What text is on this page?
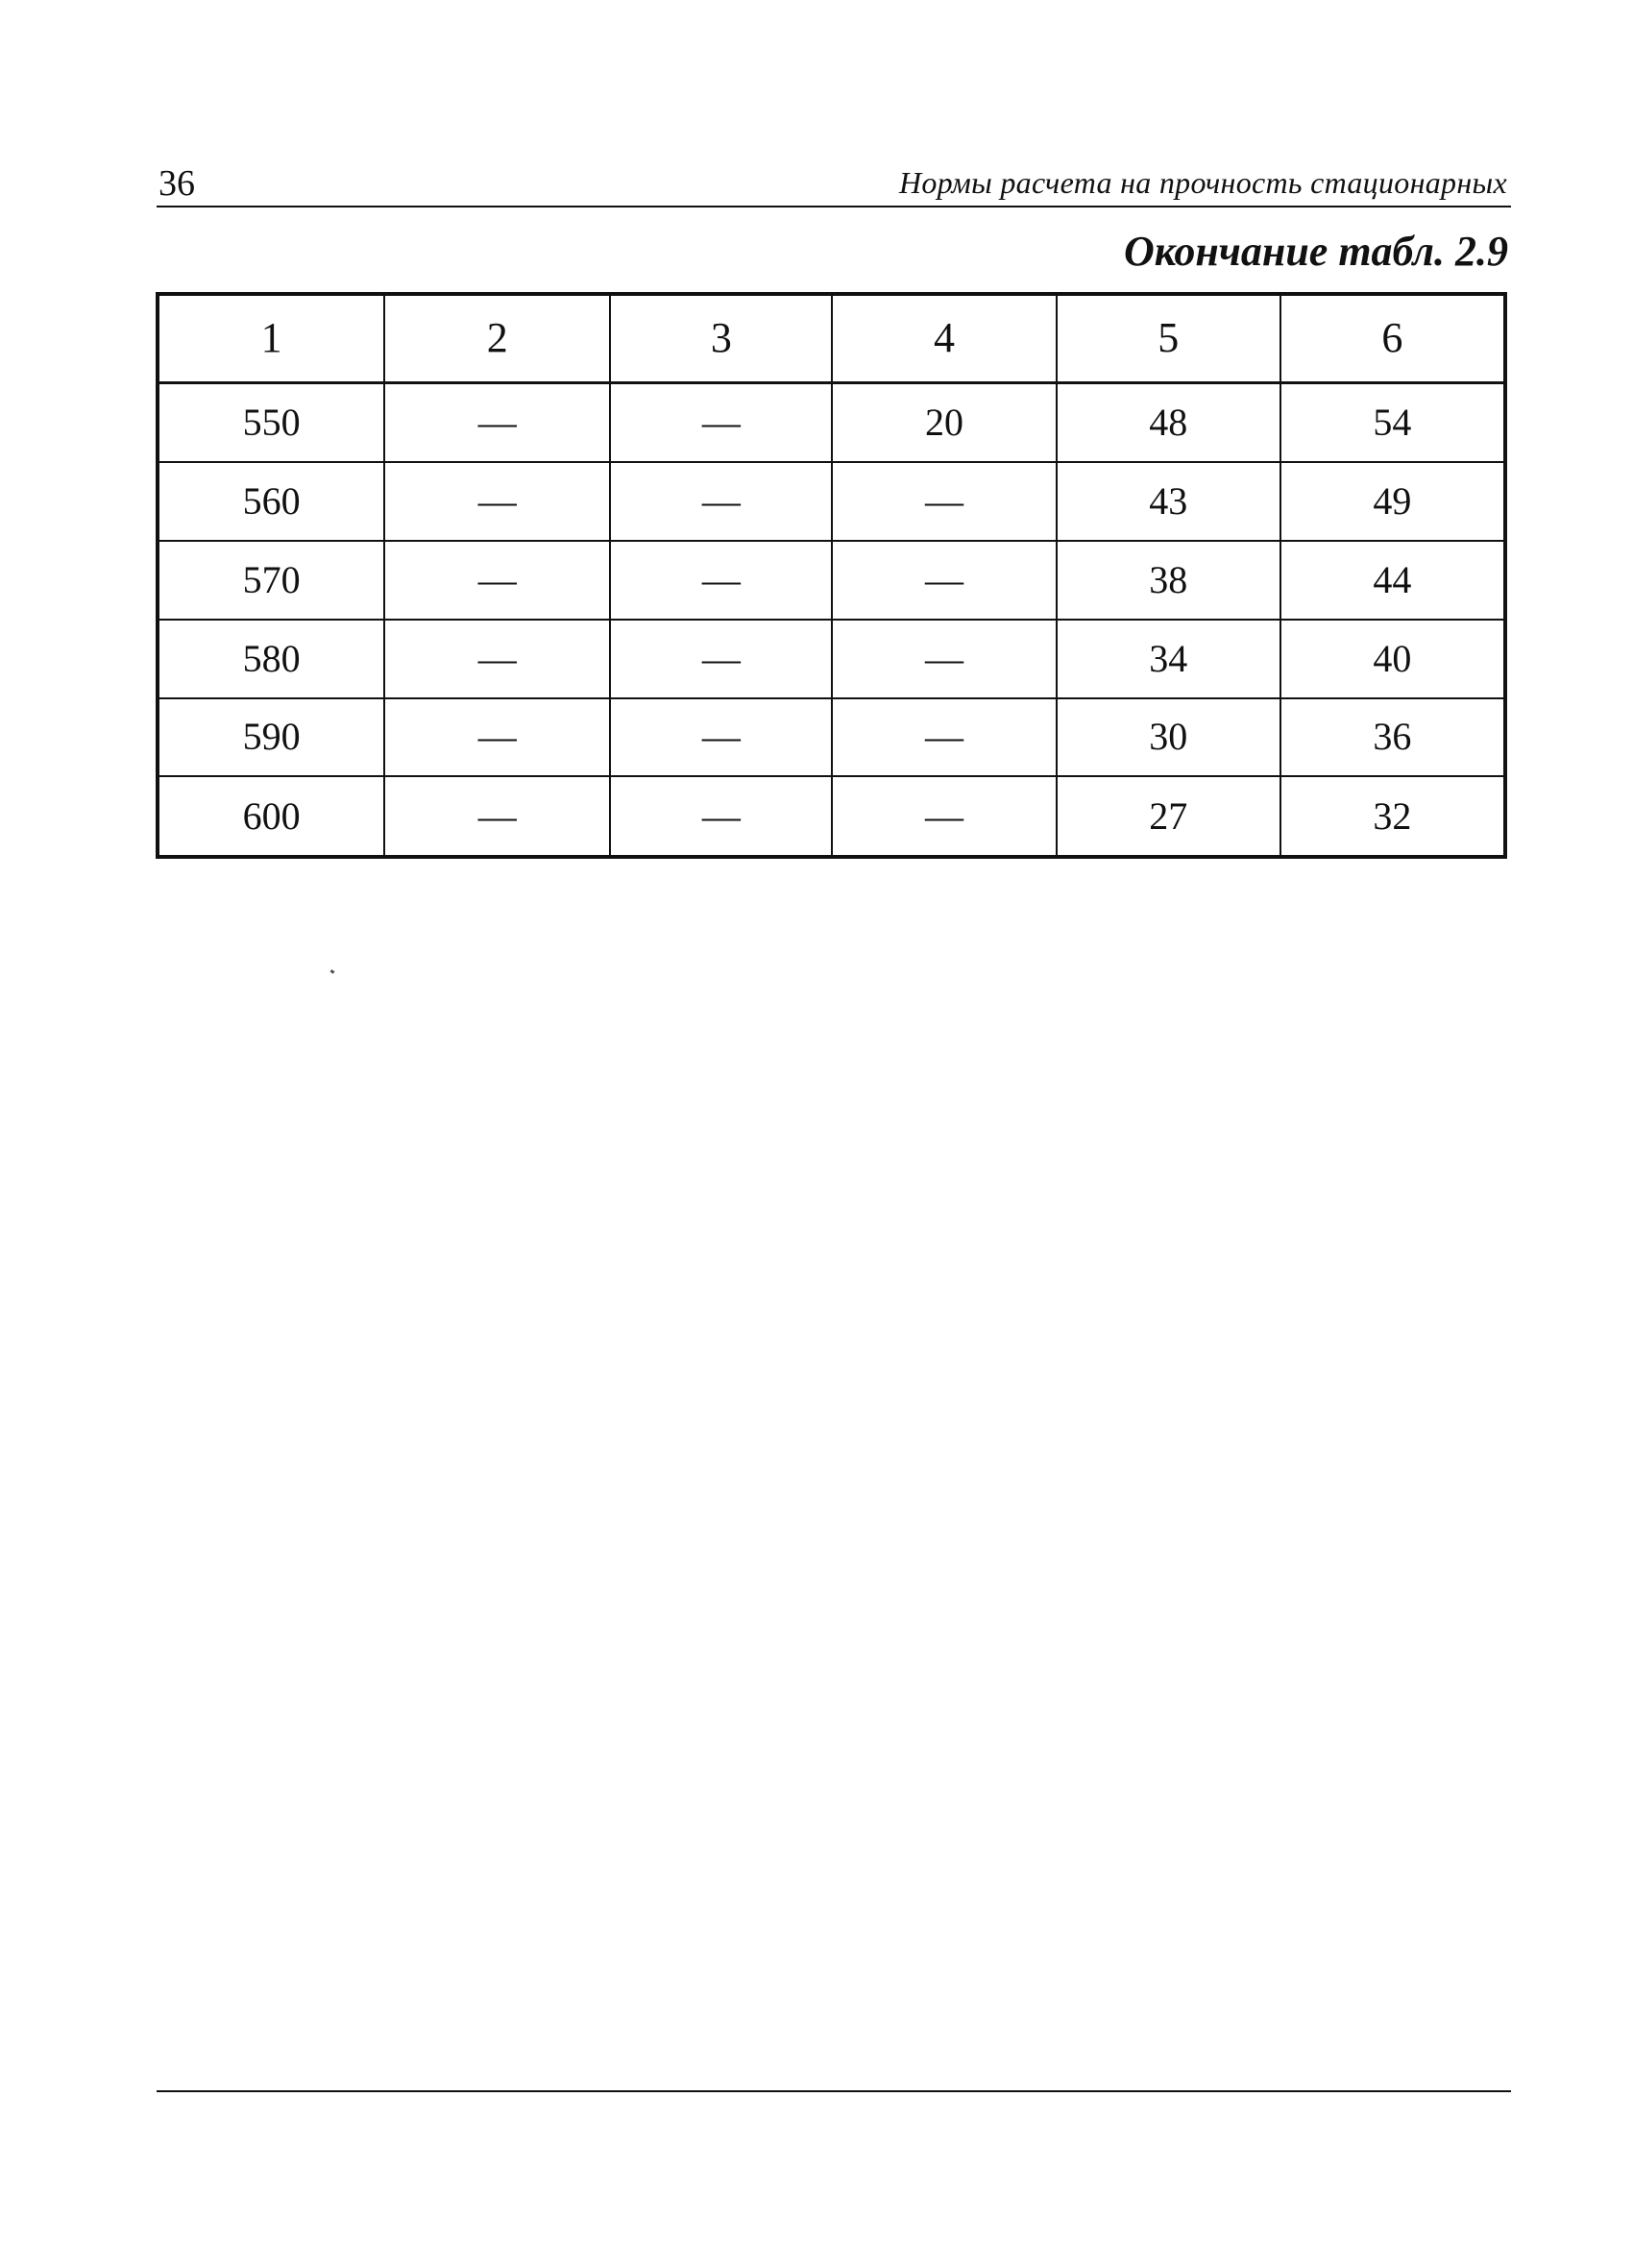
36	Нормы расчета на прочность стационарных
Окончание табл. 2.9
1	2	3	4	5	6
550	—	—	20	48	54
560	—	—	—	43	49
570	—	—	—	38	44
580	—	—	—	34	40
590	—	—	—	30	36
600	—	—	—	27	32
